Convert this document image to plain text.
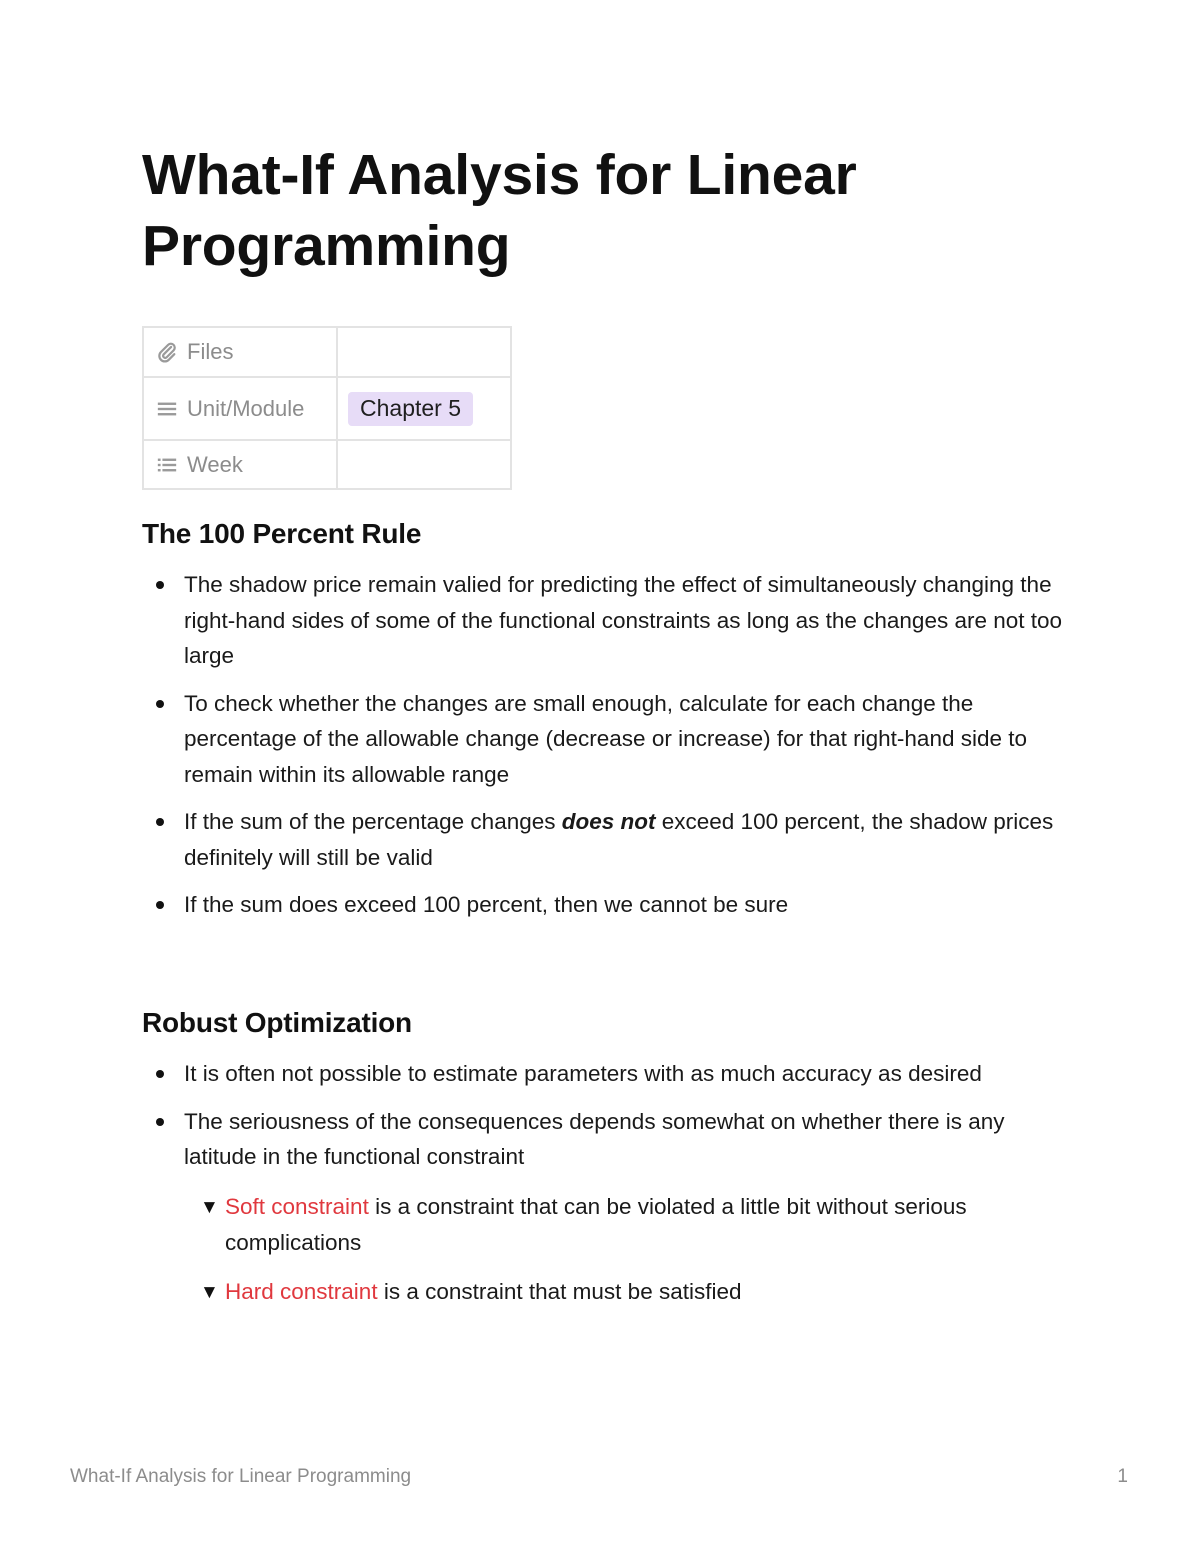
What-If Analysis for Linear Programming
Files	

Unit/Module	Chapter 5

Week	

The 100 Percent Rule
The shadow price remain valied for predicting the effect of simultaneously changing the right-hand sides of some of the functional constraints as long as the changes are not too large
To check whether the changes are small enough, calculate for each change the percentage of the allowable change (decrease or increase) for that right-hand side to remain within its allowable range
If the sum of the percentage changes does not exceed 100 percent, the shadow prices definitely will still be valid
If the sum does exceed 100 percent, then we cannot be sure
Robust Optimization
It is often not possible to estimate parameters with as much accuracy as desired
The seriousness of the consequences depends somewhat on whether there is any latitude in the functional constraint
▼ Soft constraint is a constraint that can be violated a little bit without serious complications
▼ Hard constraint is a constraint that must be satisfied
What-If Analysis for Linear Programming	1
